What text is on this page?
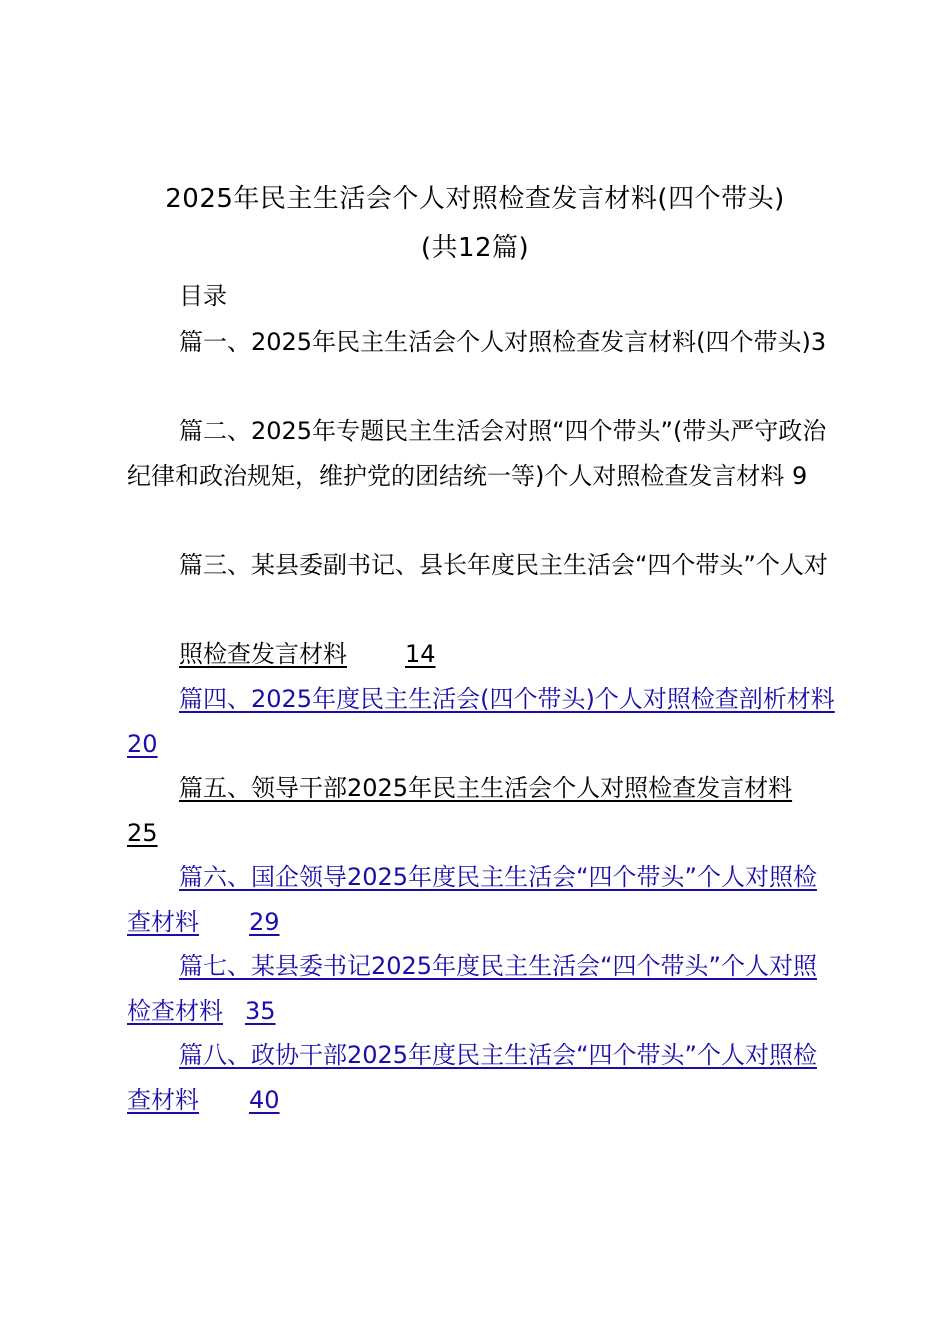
2025年民主生活会个人对照检查发言材料(四个带头)
(共12篇)
目录
篇一、2025年民主生活会个人对照检查发言材料(四个带头)3
篇二、2025年专题民主生活会对照“四个带头”(带头严守政治纪律和政治规矩，维护党的团结统一等)个人对照检查发言材料 9
篇三、某县委副书记、县长年度民主生活会“四个带头”个人对
照检查发言材料 14
篇四、2025年度民主生活会(四个带头)个人对照检查剖析材料 20
篇五、领导干部2025年民主生活会个人对照检查发言材料25
篇六、国企领导2025年度民主生活会“四个带头”个人对照检查材料 29
篇七、某县委书记2025年度民主生活会“四个带头”个人对照检查材料 35
篇八、政协干部2025年度民主生活会“四个带头”个人对照检查材料 40
